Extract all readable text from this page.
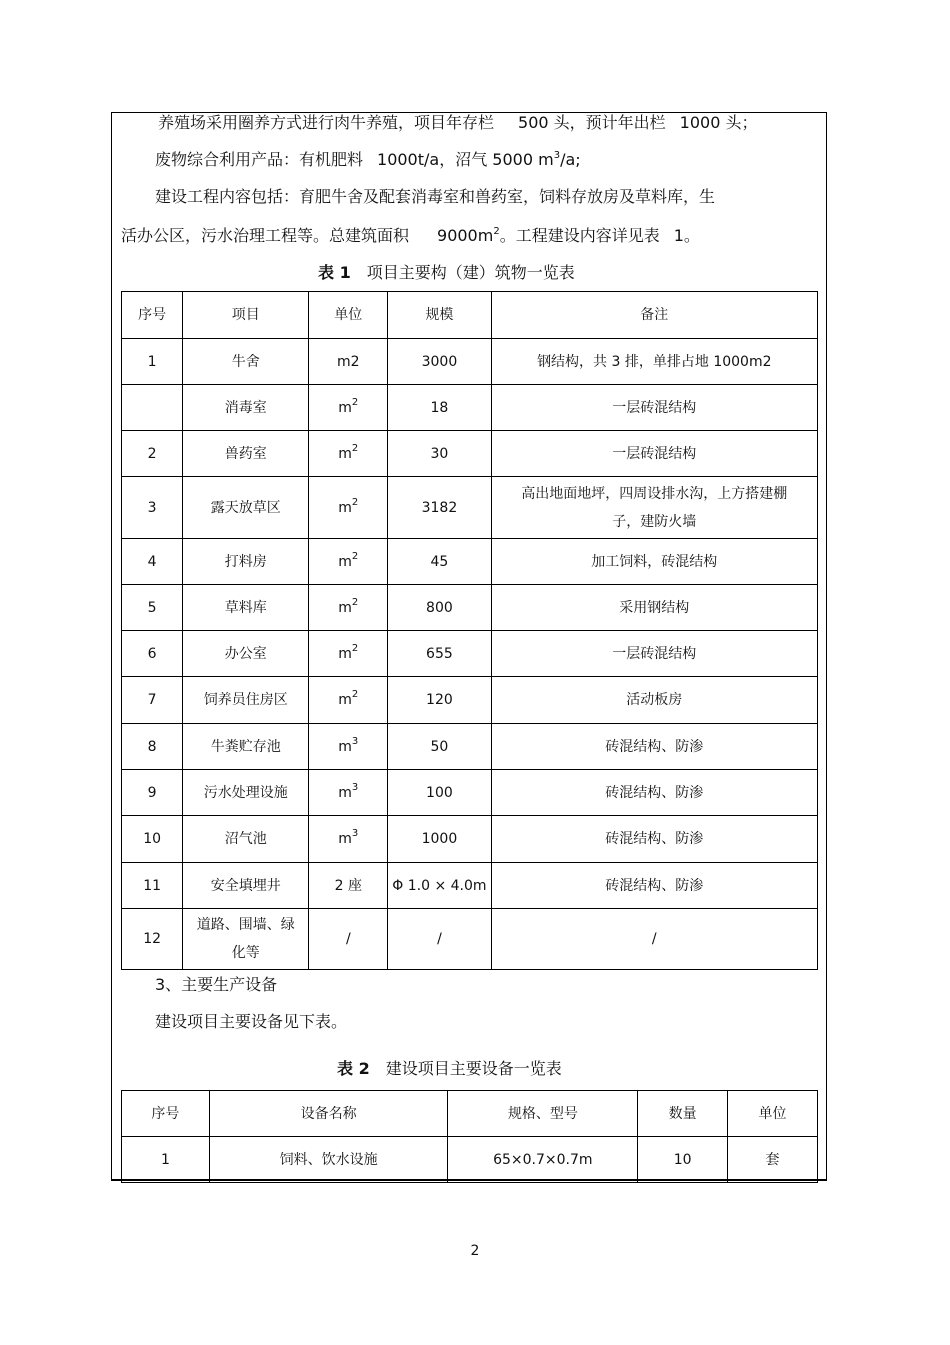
养殖场采用圈养方式进行肉牛养殖，项目年存栏 500 头，预计年出栏 1000 头；
废物综合利用产品：有机肥料 1000t/a，沼气 5000 $m^3/a$;
建设工程内容包括：育肥牛舍及配套消毒室和兽药室，饲料存放房及草料库，生
活办公区，污水治理工程等。总建筑面积 $9000m^2$。工程建设内容详见表 1。
表 1 项目主要构（建）筑物一览表
序号	项目	单位	规模	备注
1	牛舍	m2	3000	钢结构，共 3 排，单排占地 1000m2
	消毒室	$m^2$	18	一层砖混结构
2	兽药室	$m^2$	30	一层砖混结构
3	露天放草区	$m^2$	3182	高出地面地坪，四周设排水沟，上方搭建棚
子，建防火墙

4	打料房	$m^2$	45	加工饲料，砖混结构
5	草料库	$m^2$	800	采用钢结构
6	办公室	$m^2$	655	一层砖混结构
7	饲养员住房区	$m^2$	120	活动板房
8	牛粪贮存池	$m^3$	50	砖混结构、防渗
9	污水处理设施	$m^3$	100	砖混结构、防渗
10	沼气池	$m^3$	1000	砖混结构、防渗
11	安全填埋井	2 座	Φ 1.0 × 4.0m	砖混结构、防渗
12	道路、围墙、绿
化等	/	/	/
3、主要生产设备
建设项目主要设备见下表。
表 2 建设项目主要设备一览表
序号	设备名称	规格、型号	数量	单位
1	饲料、饮水设施	65×0.7×0.7m	10	套
2
